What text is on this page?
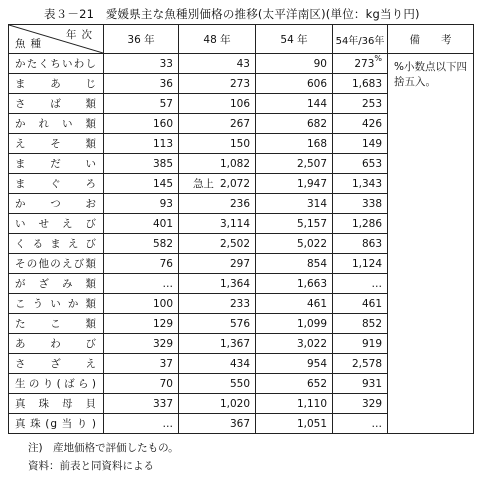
表３－21　愛媛県主な魚種別価格の推移(太平洋南区)(単位：kg当り円)
年次
魚種	36 年	48 年	54 年	54年/36年	備　　考
かたくちいわし	33	43	90	273%	%小数点以下四捨五入。
まあじ	36	273	606	1,683	
さば類	57	106	144	253	
かれい類	160	267	682	426	
えそ類	113	150	168	149	
まだい	385	1,082	2,507	653	
まぐろ	145	急上 2,072	1,947	1,343	
かつお	93	236	314	338	
いせえび	401	3,114	5,157	1,286	
くるまえび	582	2,502	5,022	863	
その他のえび類	76	297	854	1,124	
がざみ類	…	1,364	1,663	…	
こういか類	100	233	461	461	
たこ類	129	576	1,099	852	
あわび	329	1,367	3,022	919	
さざえ	37	434	954	2,578	
生のり(ばら)	70	550	652	931	
真珠母貝	337	1,020	1,110	329	
真珠(g当り)	…	367	1,051	…	
注)　産地価格で評価したもの。
資料：前表と同資料による
